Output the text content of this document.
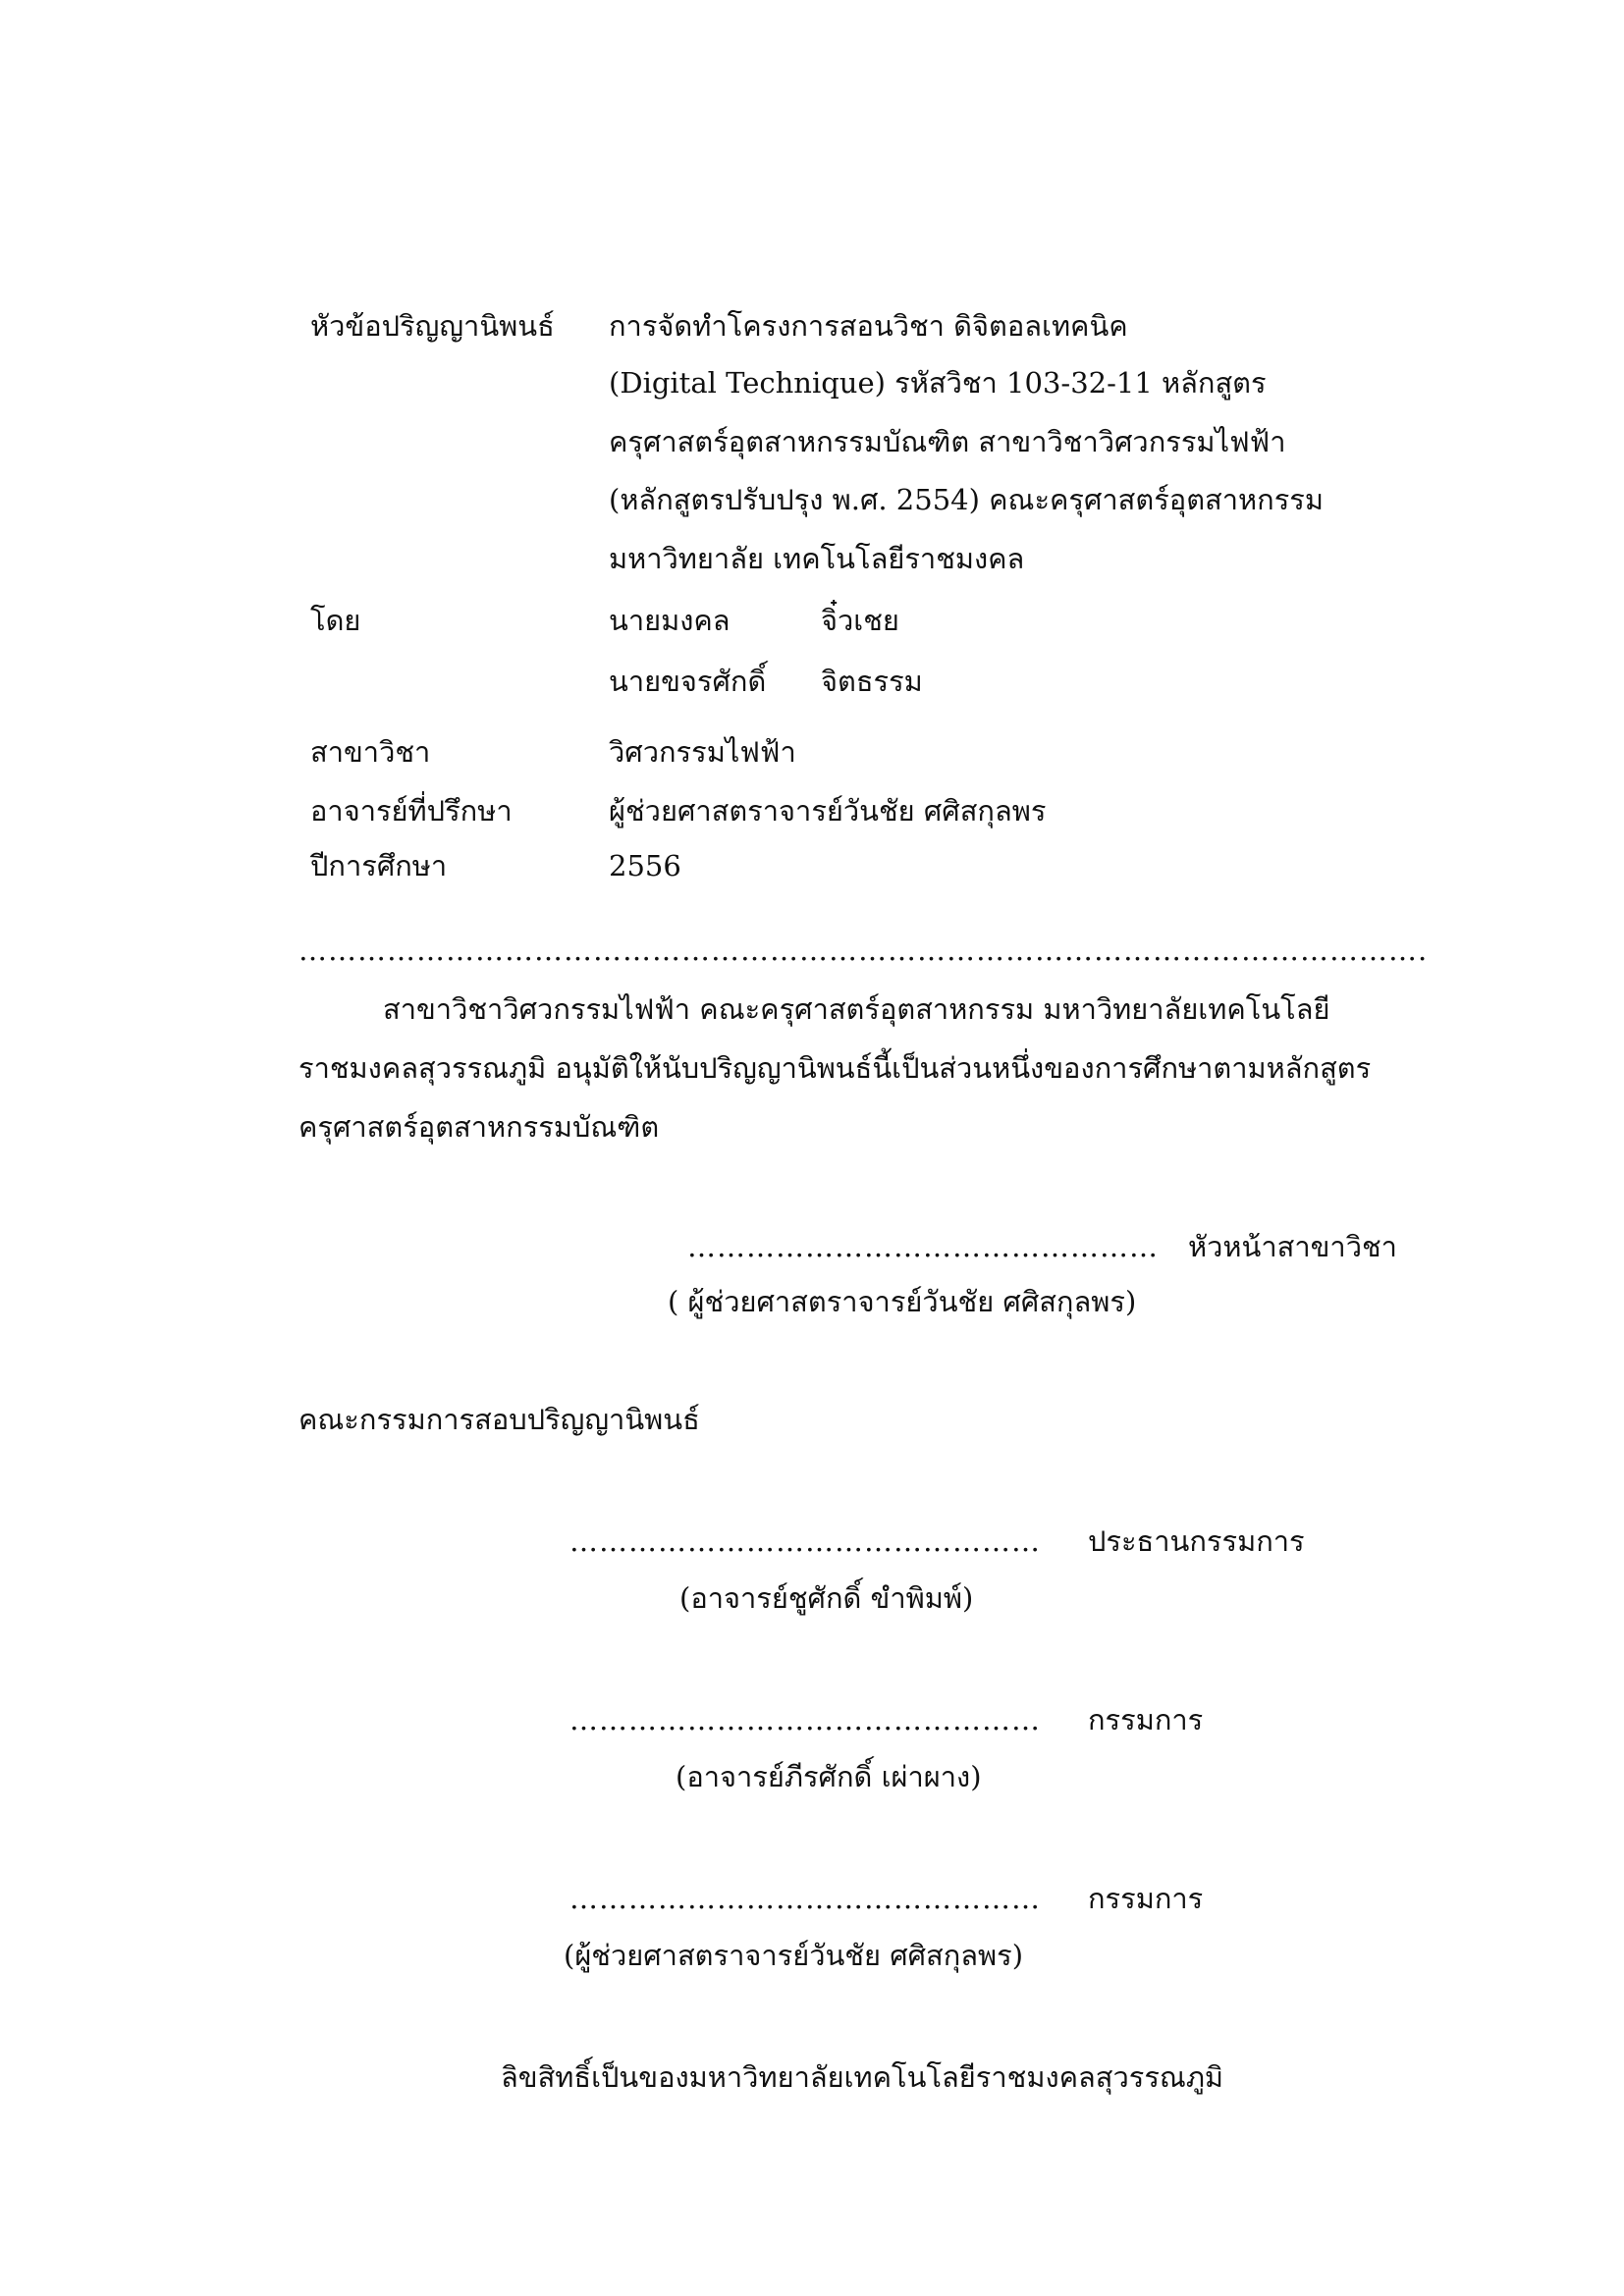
หัวข้อปริญญานิพนธ์ การจัดทำโครงการสอนวิชา ดิจิตอลเทคนิค

(Digital Technique) รหัสวิชา 103-32-11 หลักสูตร

ครุศาสตร์อุตสาหกรรมบัณฑิต สาขาวิชาวิศวกรรมไฟฟ้า

(หลักสูตรปรับปรุง พ.ศ. 2554) คณะครุศาสตร์อุตสาหกรรม

มหาวิทยาลัย เทคโนโลยีราชมงคล

โดย	นายมงคล	จิ๋วเชย

นายขจรศักดิ์ จิตธรรม

สาขาวิชา	วิศวกรรมไฟฟ้า

อาจารย์ที่ปรึกษา	ผู้ช่วยศาสตราจารย์วันชัย ศศิสกุลพร

ปีการศึกษา	2556

…………………………………………………………………………………………………….

สาขาวิชาวิศวกรรมไฟฟ้า คณะครุศาสตร์อุตสาหกรรม มหาวิทยาลัยเทคโนโลยี

ราชมงคลสุวรรณภูมิ อนุมัติให้นับปริญญานิพนธ์นี้เป็นส่วนหนึ่งของการศึกษาตามหลักสูตร

ครุศาสตร์อุตสาหกรรมบัณฑิต

………………………………………… หัวหน้าสาขาวิชา

( ผู้ช่วยศาสตราจารย์วันชัย ศศิสกุลพร)

คณะกรรมการสอบปริญญานิพนธ์

………………………………………… ประธานกรรมการ

(อาจารย์ชูศักดิ์ ขำพิมพ์)

………………………………………… กรรมการ

(อาจารย์ภีรศักดิ์ เผ่าผาง)

………………………………………… กรรมการ

(ผู้ช่วยศาสตราจารย์วันชัย ศศิสกุลพร)

ลิขสิทธิ์เป็นของมหาวิทยาลัยเทคโนโลยีราชมงคลสุวรรณภูมิ
